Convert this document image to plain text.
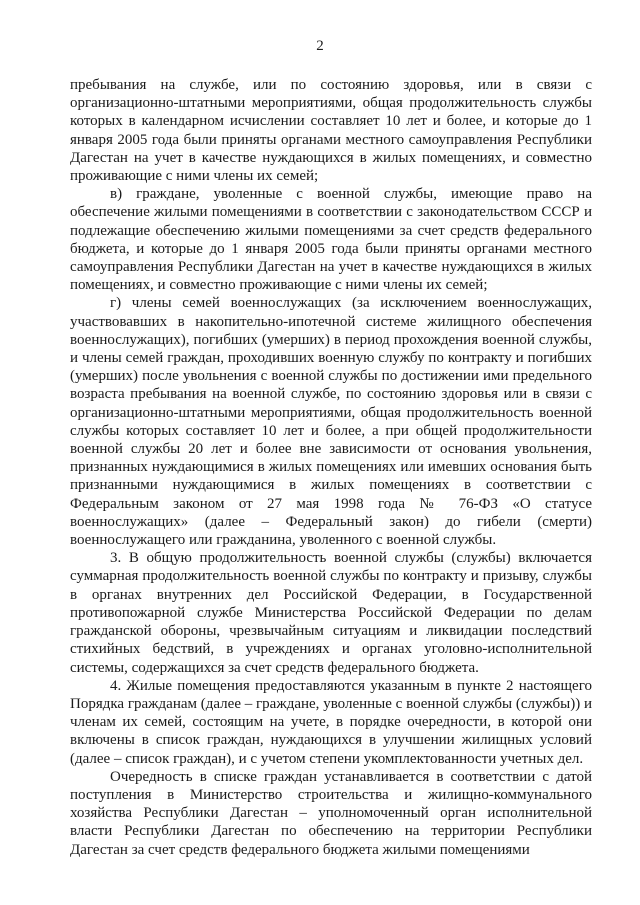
2

пребывания на службе, или по состоянию здоровья, или в связи с организационно-штатными мероприятиями, общая продолжительность службы которых в календарном исчислении составляет 10 лет и более, и которые до 1 января 2005 года были приняты органами местного самоуправления Республики Дагестан на учет в качестве нуждающихся в жилых помещениях, и совместно проживающие с ними члены их семей;

в) граждане, уволенные с военной службы, имеющие право на обеспечение жилыми помещениями в соответствии с законодательством СССР и подлежащие обеспечению жилыми помещениями за счет средств федерального бюджета, и которые до 1 января 2005 года были приняты органами местного самоуправления Республики Дагестан на учет в качестве нуждающихся в жилых помещениях, и совместно проживающие с ними члены их семей;

г) члены семей военнослужащих (за исключением военнослужащих, участвовавших в накопительно-ипотечной системе жилищного обеспечения военнослужащих), погибших (умерших) в период прохождения военной службы, и члены семей граждан, проходивших военную службу по контракту и погибших (умерших) после увольнения с военной службы по достижении ими предельного возраста пребывания на военной службе, по состоянию здоровья или в связи с организационно-штатными мероприятиями, общая продолжительность военной службы которых составляет 10 лет и более, а при общей продолжительности военной службы 20 лет и более вне зависимости от основания увольнения, признанных нуждающимися в жилых помещениях или имевших основания быть признанными нуждающимися в жилых помещениях в соответствии с Федеральным законом от 27 мая 1998 года № 76-ФЗ «О статусе военнослужащих» (далее – Федеральный закон) до гибели (смерти) военнослужащего или гражданина, уволенного с военной службы.

3. В общую продолжительность военной службы (службы) включается суммарная продолжительность военной службы по контракту и призыву, службы в органах внутренних дел Российской Федерации, в Государственной противопожарной службе Министерства Российской Федерации по делам гражданской обороны, чрезвычайным ситуациям и ликвидации последствий стихийных бедствий, в учреждениях и органах уголовно-исполнительной системы, содержащихся за счет средств федерального бюджета.

4. Жилые помещения предоставляются указанным в пункте 2 настоящего Порядка гражданам (далее – граждане, уволенные с военной службы (службы)) и членам их семей, состоящим на учете, в порядке очередности, в которой они включены в список граждан, нуждающихся в улучшении жилищных условий (далее – список граждан), и с учетом степени укомплектованности учетных дел.

Очередность в списке граждан устанавливается в соответствии с датой поступления в Министерство строительства и жилищно-коммунального хозяйства Республики Дагестан – уполномоченный орган исполнительной власти Республики Дагестан по обеспечению на территории Республики Дагестан за счет средств федерального бюджета жилыми помещениями
